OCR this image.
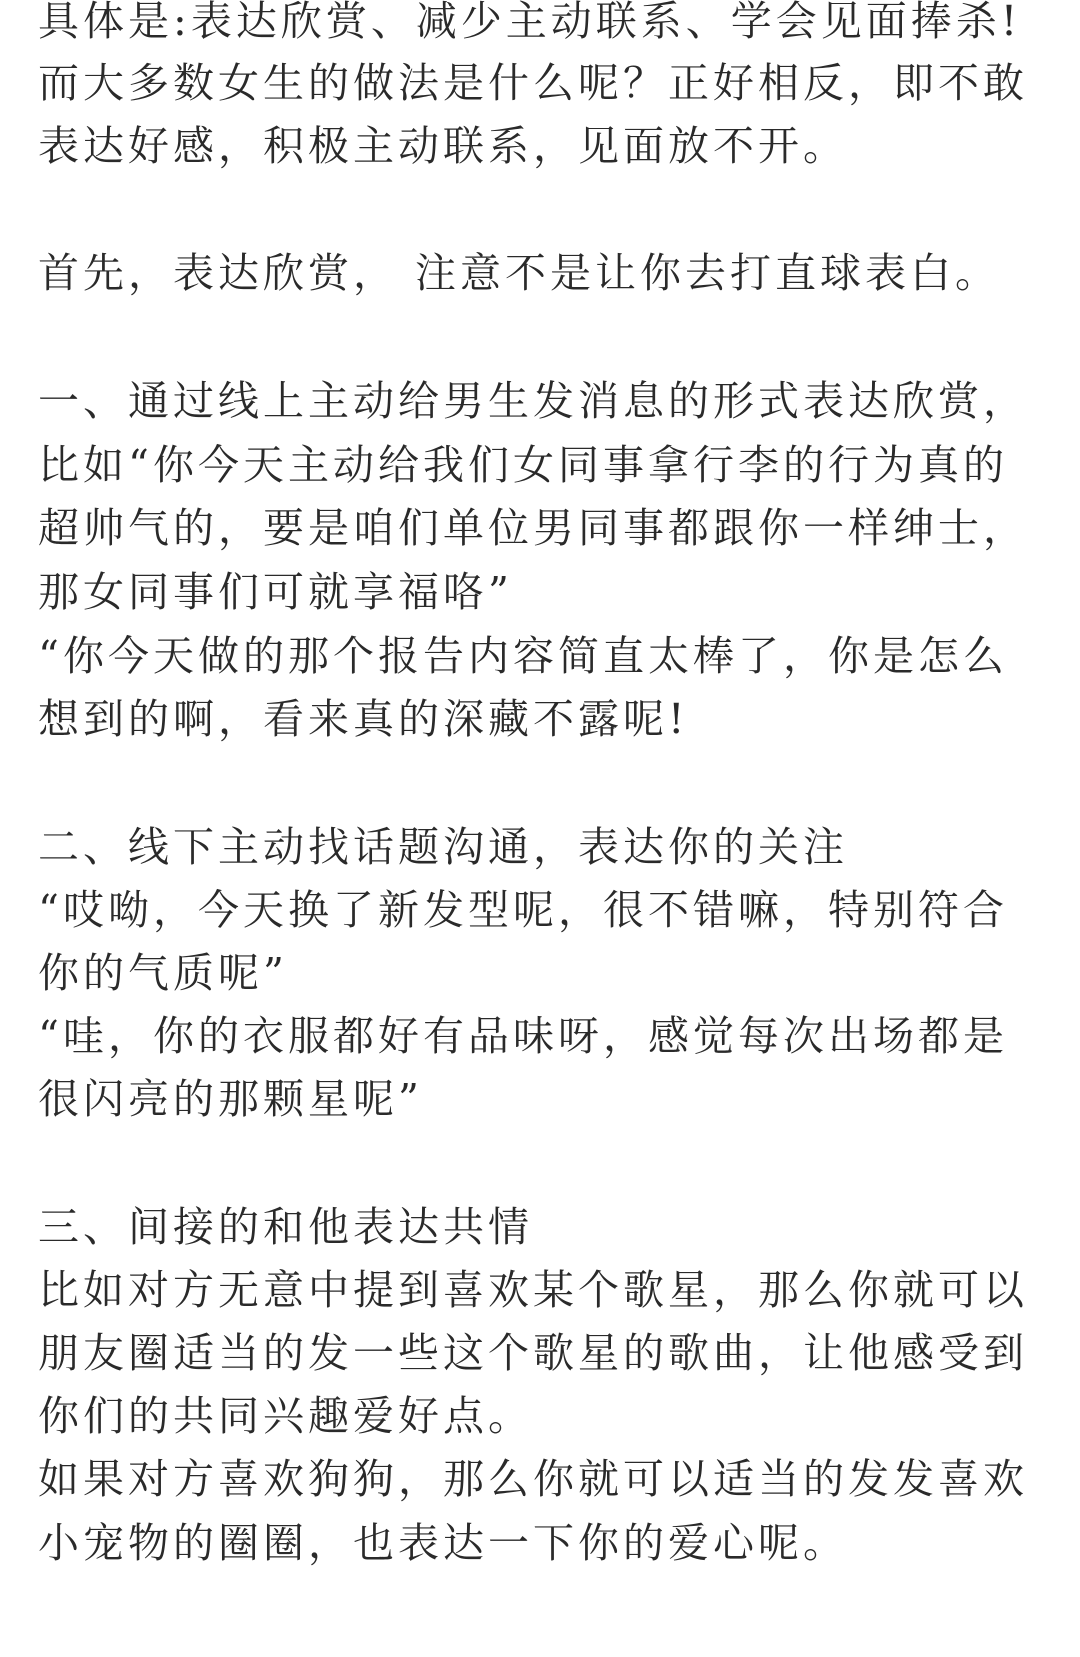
具体是:表达欣赏、减少主动联系、学会见面捧杀!
而大多数女生的做法是什么呢？正好相反，即不敢
表达好感，积极主动联系，见面放不开。
首先，表达欣赏， 注意不是让你去打直球表白。
一、通过线上主动给男生发消息的形式表达欣赏，
比如“你今天主动给我们女同事拿行李的行为真的
超帅气的，要是咱们单位男同事都跟你一样绅士，
那女同事们可就享福咯”
“你今天做的那个报告内容简直太棒了，你是怎么
想到的啊，看来真的深藏不露呢!
二、线下主动找话题沟通，表达你的关注
“哎呦，今天换了新发型呢，很不错嘛，特别符合
你的气质呢”
“哇，你的衣服都好有品味呀，感觉每次出场都是
很闪亮的那颗星呢”
三、间接的和他表达共情
比如对方无意中提到喜欢某个歌星，那么你就可以
朋友圈适当的发一些这个歌星的歌曲，让他感受到
你们的共同兴趣爱好点。
如果对方喜欢狗狗，那么你就可以适当的发发喜欢
小宠物的圈圈，也表达一下你的爱心呢。
